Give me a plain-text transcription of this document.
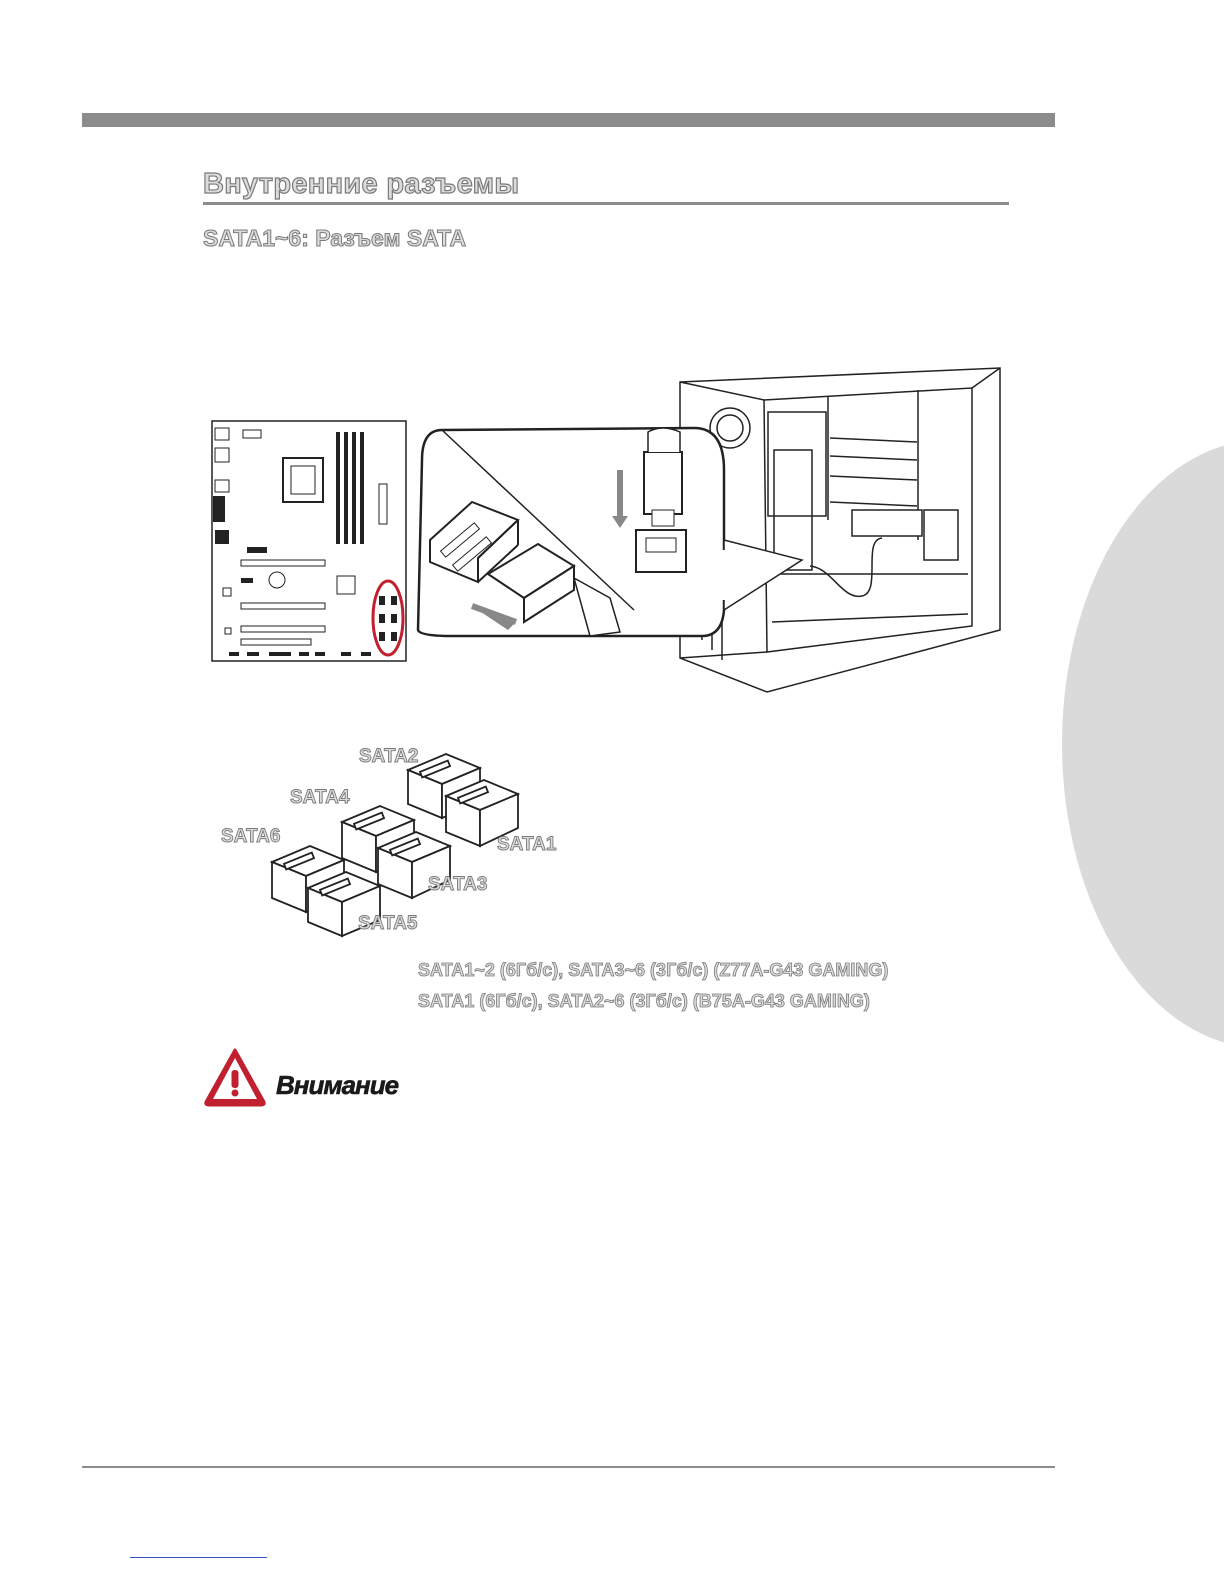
Внутренние разъемы
SATA1~6: Разъем SATA
SATA2
SATA4
SATA6	SATA1
SATA3
SATA5
SATA1~2 (6Гб/с), SATA3~6 (3Гб/с) (Z77A-G43 GAMING)
SATA1 (6Гб/с), SATA2~6 (3Гб/с) (B75A-G43 GAMING)
Внимание
